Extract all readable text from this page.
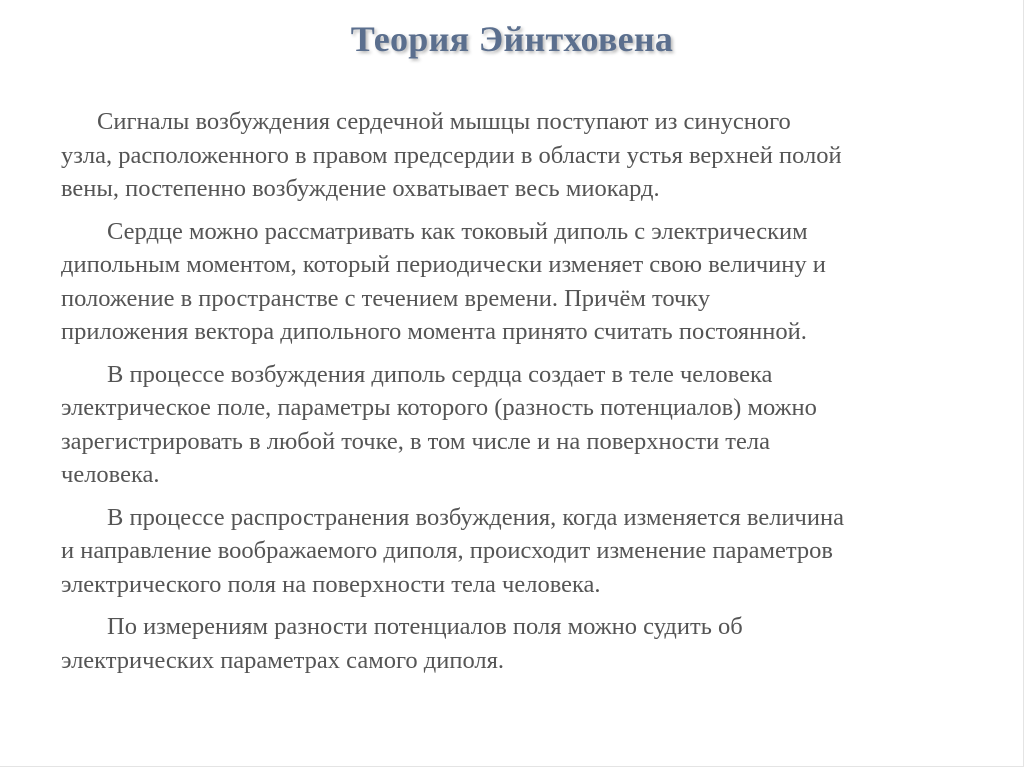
Теория Эйнтховена

Сигналы возбуждения сердечной мышцы поступают из синусного
узла, расположенного в правом предсердии в области устья верхней полой
вены, постепенно возбуждение охватывает весь миокард.

Сердце можно рассматривать как токовый диполь с электрическим
дипольным моментом, который периодически изменяет свою величину и
положение в пространстве с течением времени. Причём точку
приложения вектора дипольного момента принято считать постоянной.

В процессе возбуждения диполь сердца создает в теле человека
электрическое поле, параметры которого (разность потенциалов) можно
зарегистрировать в любой точке, в том числе и на поверхности тела
человека.

В процессе распространения возбуждения, когда изменяется величина
и направление воображаемого диполя, происходит изменение параметров
электрического поля на поверхности тела человека.

По измерениям разности потенциалов поля можно судить об
электрических параметрах самого диполя.
